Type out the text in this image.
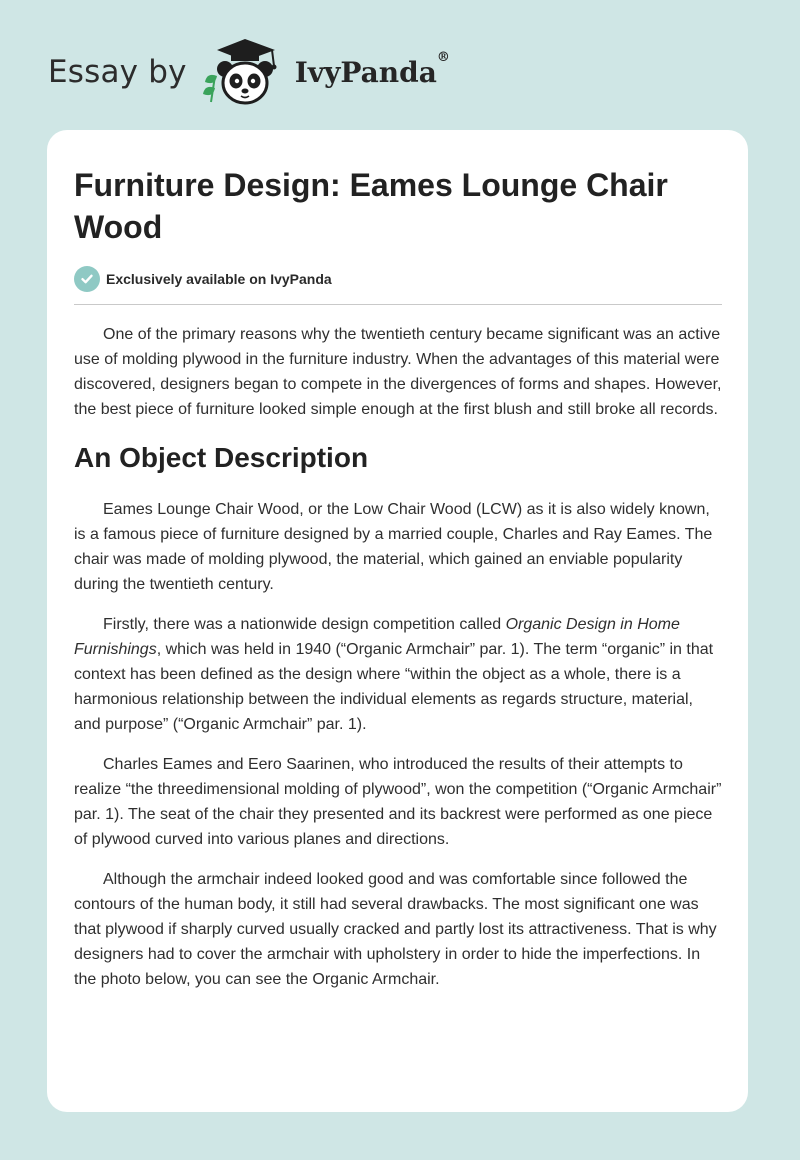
Essay by	IvyPanda®
Furniture Design: Eames Lounge Chair Wood
Exclusively available on IvyPanda

One of the primary reasons why the twentieth century became significant was an active use of molding plywood in the furniture industry. When the advantages of this material were discovered, designers began to compete in the divergences of forms and shapes. However, the best piece of furniture looked simple enough at the first blush and still broke all records.

An Object Description

Eames Lounge Chair Wood, or the Low Chair Wood (LCW) as it is also widely known, is a famous piece of furniture designed by a married couple, Charles and Ray Eames. The chair was made of molding plywood, the material, which gained an enviable popularity during the twentieth century.

Firstly, there was a nationwide design competition called Organic Design in Home Furnishings, which was held in 1940 (“Organic Armchair” par. 1). The term “organic” in that context has been defined as the design where “within the object as a whole, there is a harmonious relationship between the individual elements as regards structure, material, and purpose” (“Organic Armchair” par. 1).

Charles Eames and Eero Saarinen, who introduced the results of their attempts to realize “the threedimensional molding of plywood”, won the competition (“Organic Armchair” par. 1). The seat of the chair they presented and its backrest were performed as one piece of plywood curved into various planes and directions.

Although the armchair indeed looked good and was comfortable since followed the contours of the human body, it still had several drawbacks. The most significant one was that plywood if sharply curved usually cracked and partly lost its attractiveness. That is why designers had to cover the armchair with upholstery in order to hide the imperfections. In the photo below, you can see the Organic Armchair.
